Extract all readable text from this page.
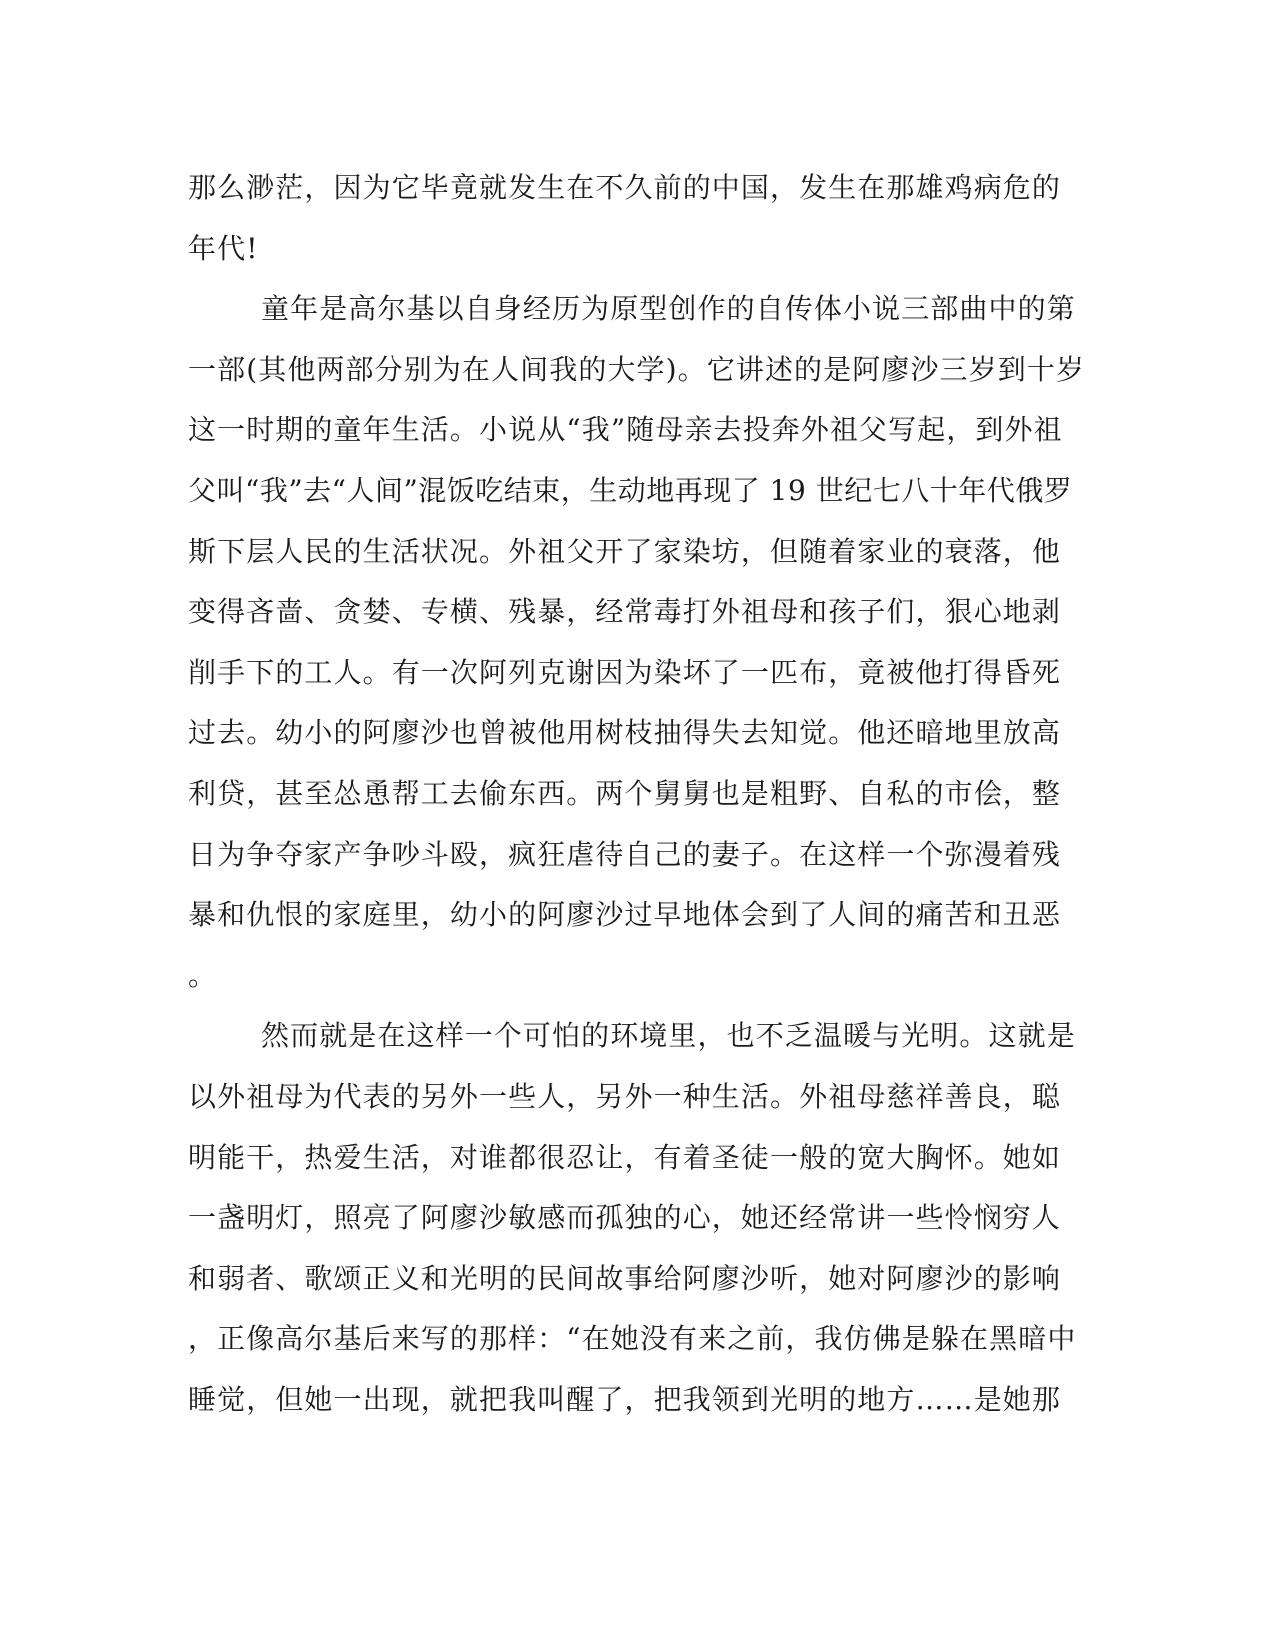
那么渺茫，因为它毕竟就发生在不久前的中国，发生在那雄鸡病危的
年代!
童年是高尔基以自身经历为原型创作的自传体小说三部曲中的第
一部(其他两部分别为在人间我的大学)。它讲述的是阿廖沙三岁到十岁
这一时期的童年生活。小说从“我”随母亲去投奔外祖父写起，到外祖
父叫“我”去“人间”混饭吃结束，生动地再现了 19 世纪七八十年代俄罗
斯下层人民的生活状况。外祖父开了家染坊，但随着家业的衰落，他
变得吝啬、贪婪、专横、残暴，经常毒打外祖母和孩子们，狠心地剥
削手下的工人。有一次阿列克谢因为染坏了一匹布，竟被他打得昏死
过去。幼小的阿廖沙也曾被他用树枝抽得失去知觉。他还暗地里放高
利贷，甚至怂恿帮工去偷东西。两个舅舅也是粗野、自私的市侩，整
日为争夺家产争吵斗殴，疯狂虐待自己的妻子。在这样一个弥漫着残
暴和仇恨的家庭里，幼小的阿廖沙过早地体会到了人间的痛苦和丑恶
。
然而就是在这样一个可怕的环境里，也不乏温暖与光明。这就是
以外祖母为代表的另外一些人，另外一种生活。外祖母慈祥善良，聪
明能干，热爱生活，对谁都很忍让，有着圣徒一般的宽大胸怀。她如
一盏明灯，照亮了阿廖沙敏感而孤独的心，她还经常讲一些怜悯穷人
和弱者、歌颂正义和光明的民间故事给阿廖沙听，她对阿廖沙的影响
，正像高尔基后来写的那样：“在她没有来之前，我仿佛是躲在黑暗中
睡觉，但她一出现，就把我叫醒了，把我领到光明的地方……是她那
